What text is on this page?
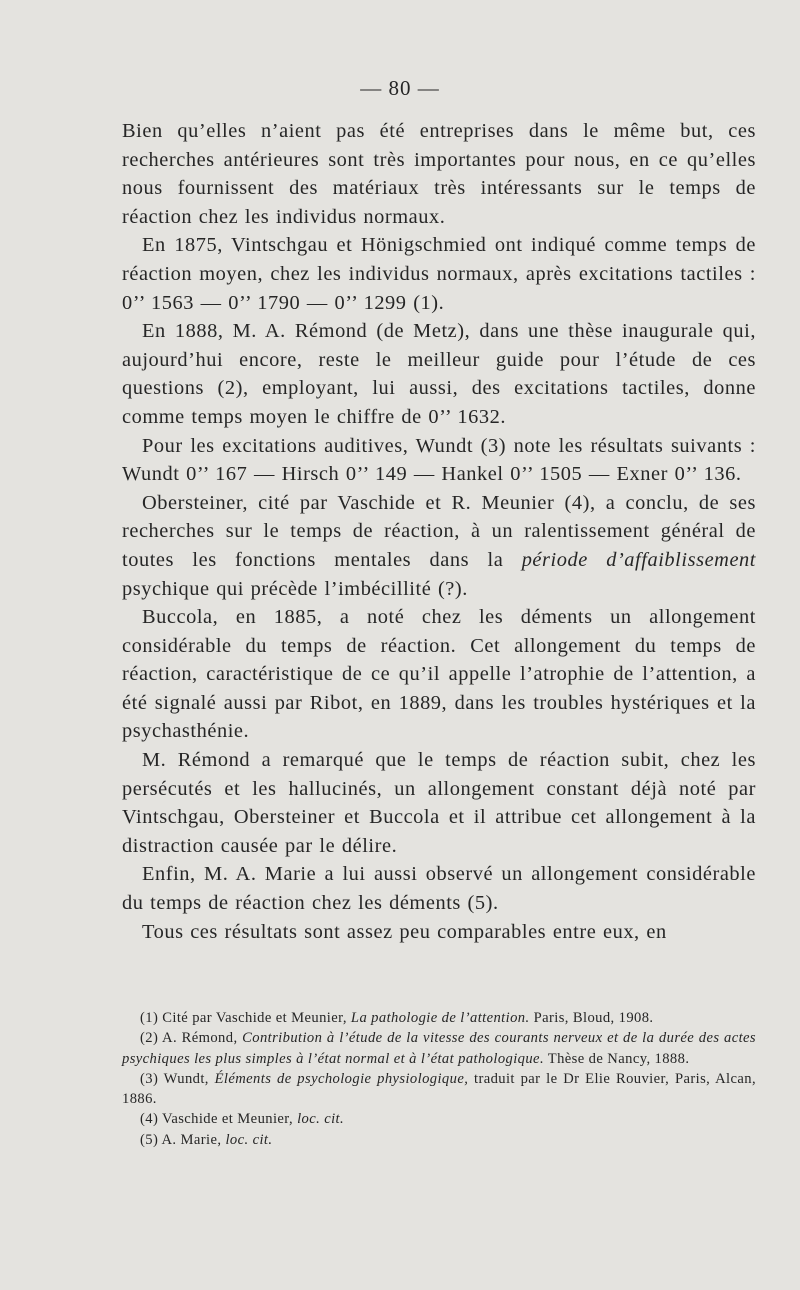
— 80 —

Bien qu’elles n’aient pas été entreprises dans le même but, ces recherches antérieures sont très importantes pour nous, en ce qu’elles nous fournissent des matériaux très intéressants sur le temps de réaction chez les individus normaux.

En 1875, Vintschgau et Hönigschmied ont indiqué comme temps de réaction moyen, chez les individus normaux, après excitations tactiles : 0’’ 1563 — 0’’ 1790 — 0’’ 1299 (1).

En 1888, M. A. Rémond (de Metz), dans une thèse inaugurale qui, aujourd’hui encore, reste le meilleur guide pour l’étude de ces questions (2), employant, lui aussi, des excitations tactiles, donne comme temps moyen le chiffre de 0’’ 1632.

Pour les excitations auditives, Wundt (3) note les résultats suivants : Wundt 0’’ 167 — Hirsch 0’’ 149 — Hankel 0’’ 1505 — Exner 0’’ 136.

Obersteiner, cité par Vaschide et R. Meunier (4), a conclu, de ses recherches sur le temps de réaction, à un ralentissement général de toutes les fonctions mentales dans la période d’affaiblissement psychique qui précède l’imbécillité (?).

Buccola, en 1885, a noté chez les déments un allongement considérable du temps de réaction. Cet allongement du temps de réaction, caractéristique de ce qu’il appelle l’atrophie de l’attention, a été signalé aussi par Ribot, en 1889, dans les troubles hystériques et la psychasthénie.

M. Rémond a remarqué que le temps de réaction subit, chez les persécutés et les hallucinés, un allongement constant déjà noté par Vintschgau, Obersteiner et Buccola et il attribue cet allongement à la distraction causée par le délire.

Enfin, M. A. Marie a lui aussi observé un allongement considérable du temps de réaction chez les déments (5).

Tous ces résultats sont assez peu comparables entre eux, en

(1) Cité par Vaschide et Meunier, La pathologie de l’attention. Paris, Bloud, 1908.

(2) A. Rémond, Contribution à l’étude de la vitesse des courants nerveux et de la durée des actes psychiques les plus simples à l’état normal et à l’état pathologique. Thèse de Nancy, 1888.

(3) Wundt, Éléments de psychologie physiologique, traduit par le Dr Elie Rouvier, Paris, Alcan, 1886.

(4) Vaschide et Meunier, loc. cit.

(5) A. Marie, loc. cit.
